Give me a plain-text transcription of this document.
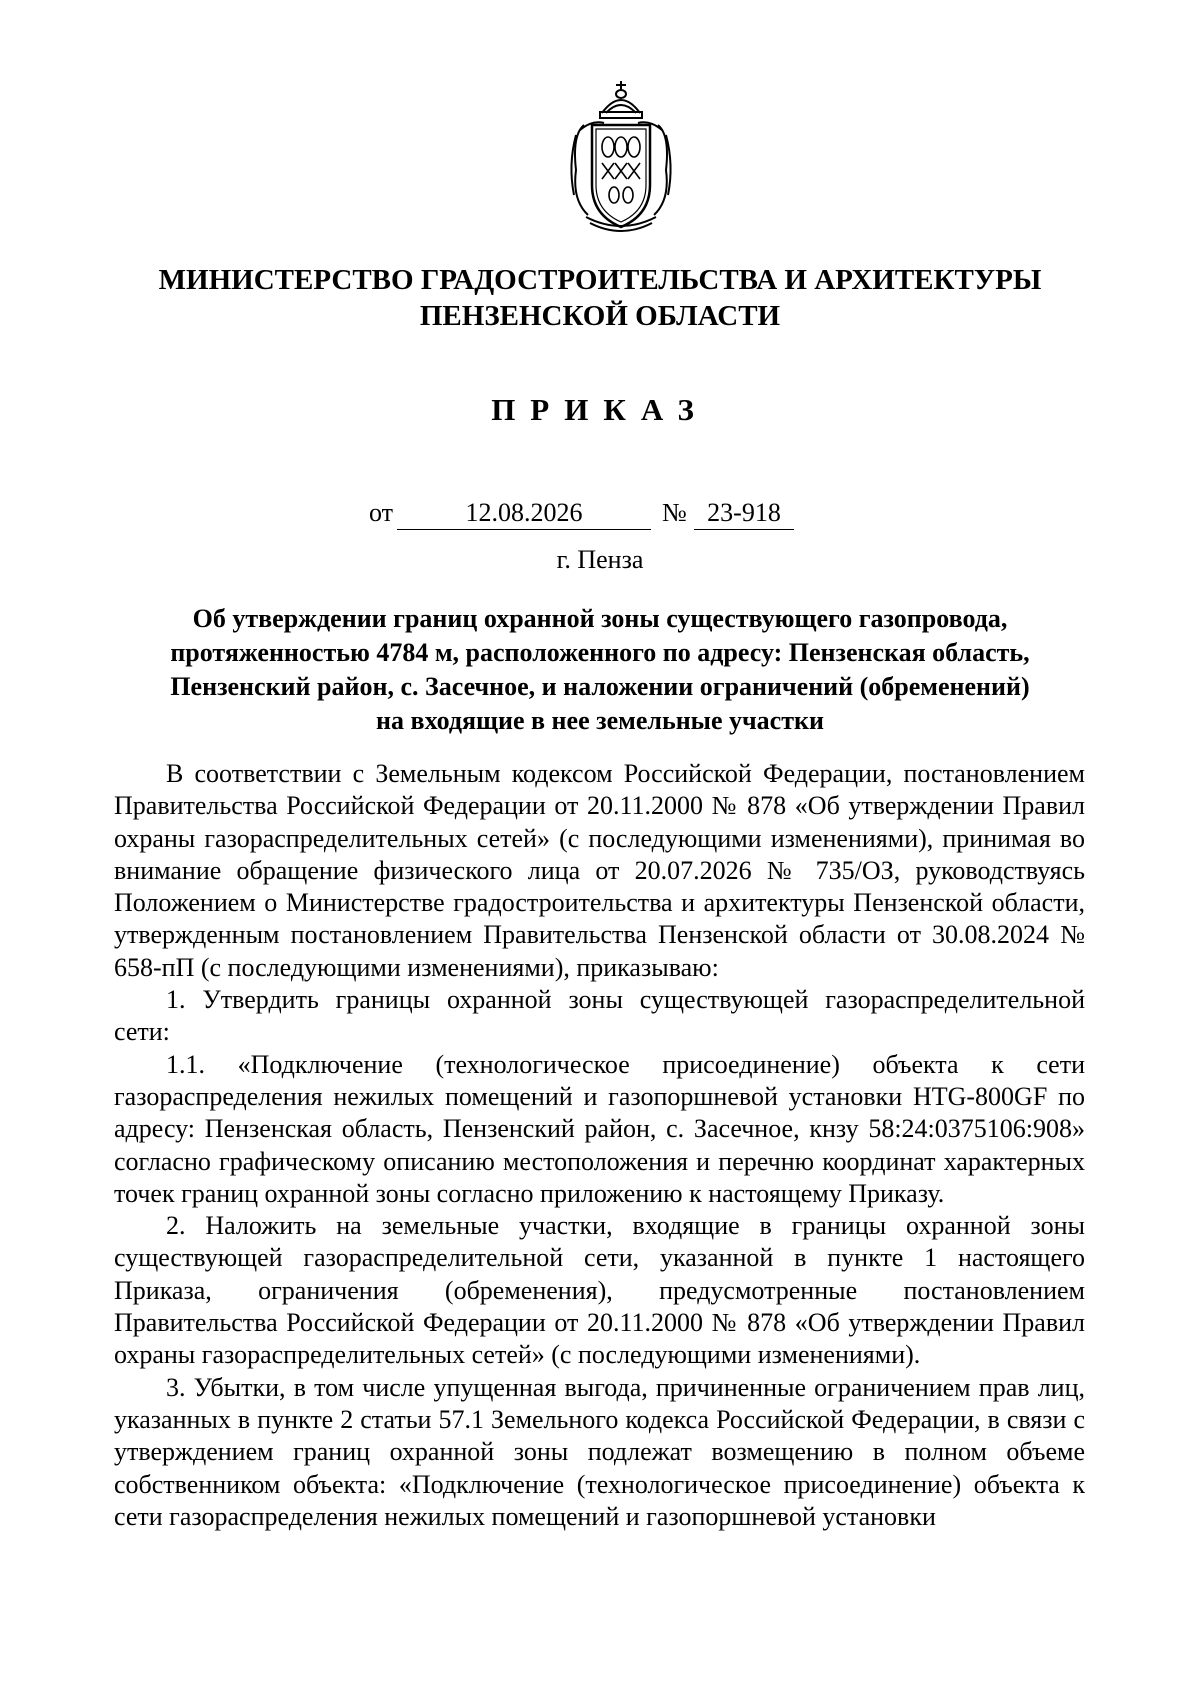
МИНИСТЕРСТВО ГРАДОСТРОИТЕЛЬСТВА И АРХИТЕКТУРЫ
ПЕНЗЕНСКОЙ ОБЛАСТИ
ПРИКАЗ
от	12.08.2026	№ 23-918
г. Пенза
Об утверждении границ охранной зоны существующего газопровода,
протяженностью 4784 м, расположенного по адресу: Пензенская область,
Пензенский район, с. Засечное, и наложении ограничений (обременений)
на входящие в нее земельные участки

В соответствии с Земельным кодексом Российской Федерации, постановлением Правительства Российской Федерации от 20.11.2000 № 878 «Об утверждении Правил охраны газораспределительных сетей» (с последующими изменениями), принимая во внимание обращение физического лица от 20.07.2026 № 735/ОЗ, руководствуясь Положением о Министерстве градостроительства и архитектуры Пензенской области, утвержденным постановлением Правительства Пензенской области от 30.08.2024 № 658-пП (с последующими изменениями), приказываю:

1. Утвердить границы охранной зоны существующей газораспределительной сети:

1.1. «Подключение (технологическое присоединение) объекта к сети газораспределения нежилых помещений и газопоршневой установки HTG-800GF по адресу: Пензенская область, Пензенский район, с. Засечное, кнзу 58:24:0375106:908» согласно графическому описанию местоположения и перечню координат характерных точек границ охранной зоны согласно приложению к настоящему Приказу.

2. Наложить на земельные участки, входящие в границы охранной зоны существующей газораспределительной сети, указанной в пункте 1 настоящего Приказа, ограничения (обременения), предусмотренные постановлением Правительства Российской Федерации от 20.11.2000 № 878 «Об утверждении Правил охраны газораспределительных сетей» (с последующими изменениями).

3. Убытки, в том числе упущенная выгода, причиненные ограничением прав лиц, указанных в пункте 2 статьи 57.1 Земельного кодекса Российской Федерации, в связи с утверждением границ охранной зоны подлежат возмещению в полном объеме собственником объекта: «Подключение (технологическое присоединение) объекта к сети газораспределения нежилых помещений и газопоршневой установки
